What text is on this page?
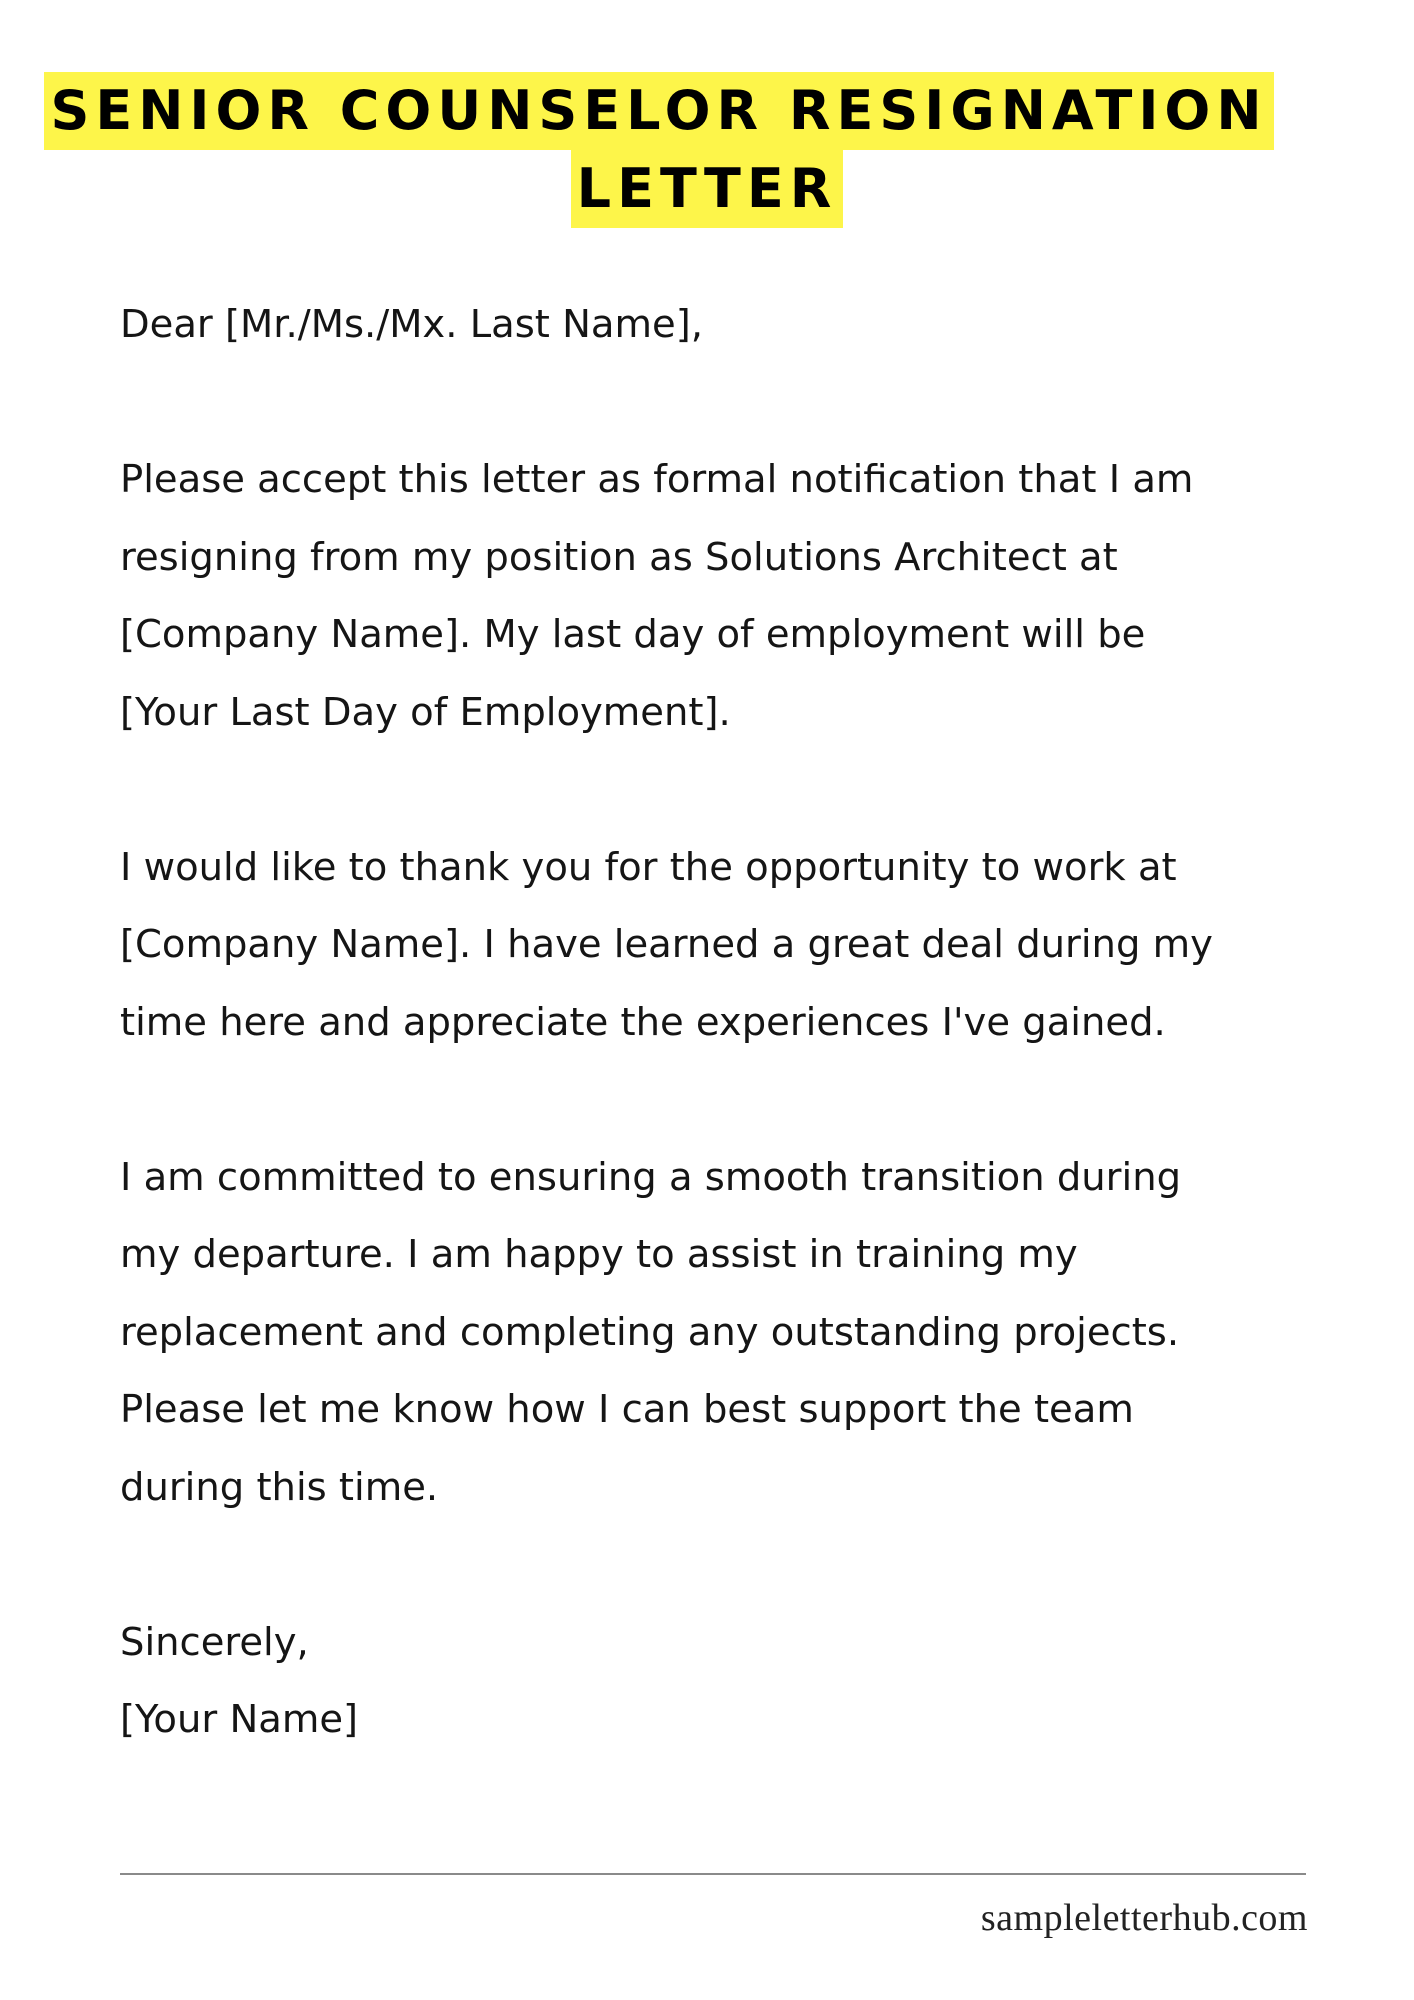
SENIOR COUNSELOR RESIGNATION
LETTER

Dear [Mr./Ms./Mx. Last Name],

Please accept this letter as formal notification that I am
resigning from my position as Solutions Architect at
[Company Name]. My last day of employment will be
[Your Last Day of Employment].

I would like to thank you for the opportunity to work at
[Company Name]. I have learned a great deal during my
time here and appreciate the experiences I've gained.

I am committed to ensuring a smooth transition during
my departure. I am happy to assist in training my
replacement and completing any outstanding projects.
Please let me know how I can best support the team
during this time.

Sincerely,

[Your Name]

sampleletterhub.com
